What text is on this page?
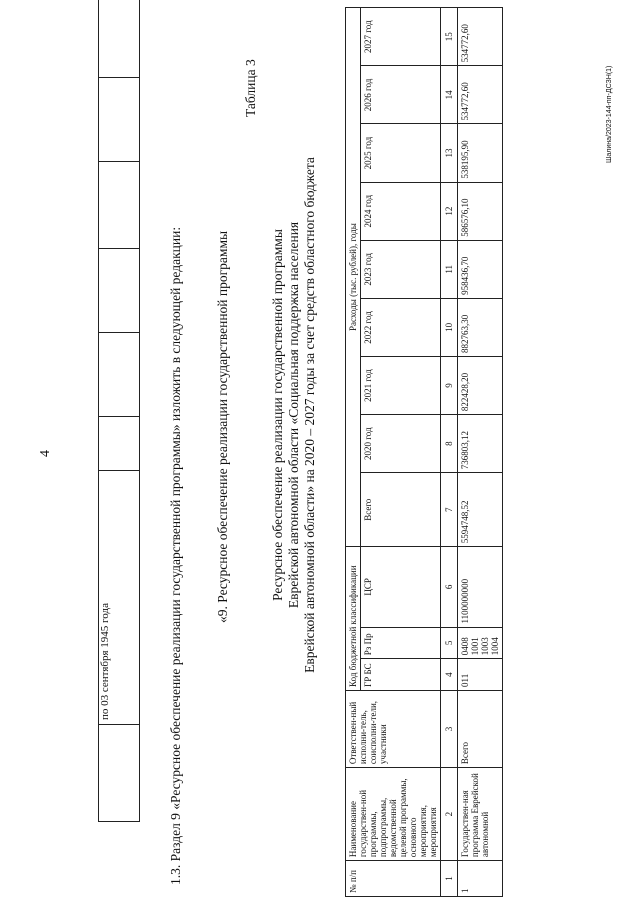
4
	по 03 сентября 1945 года							1.3. Раздел 9 «Ресурсное обеспечение реализации государственной программы» изложить в следующей редакции: «9. Ресурсное обеспечение реализации государственной программы
Таблица 3
Ресурсное обеспечение реализации государственной программы Еврейской автономной области «Социальная поддержка населения Еврейской автономной области» на 2020 – 2027 годы за счет средств областного бюджета
№ п/п	Наименование государствен-ной программы, подпрограммы, ведомственной целевой программы, основного мероприятия, мероприятия	Ответствен-ный исполни-тель, соисполни-тели, участники	Код бюджетной классификации			Расходы (тыс. рублей), годы								
			ГР БС	Рз Пр	ЦСР	Всего	2020 год	2021 год	2022 год	2023 год	2024 год	2025 год	2026 год	2027 год

1	2	3	4	5	6	7	8	9	10	11	12	13	14	15
1	Государствен-ная программа Еврейской автономной	Всего	011	0408 1001 1003 1004	1100000000	5594748,52	736803,12	822428,20	882763,30	958436,70	586576,10	538195,90	534772,60	534772,60
Шалина/2023-144-пп-ДСЗН(1)
